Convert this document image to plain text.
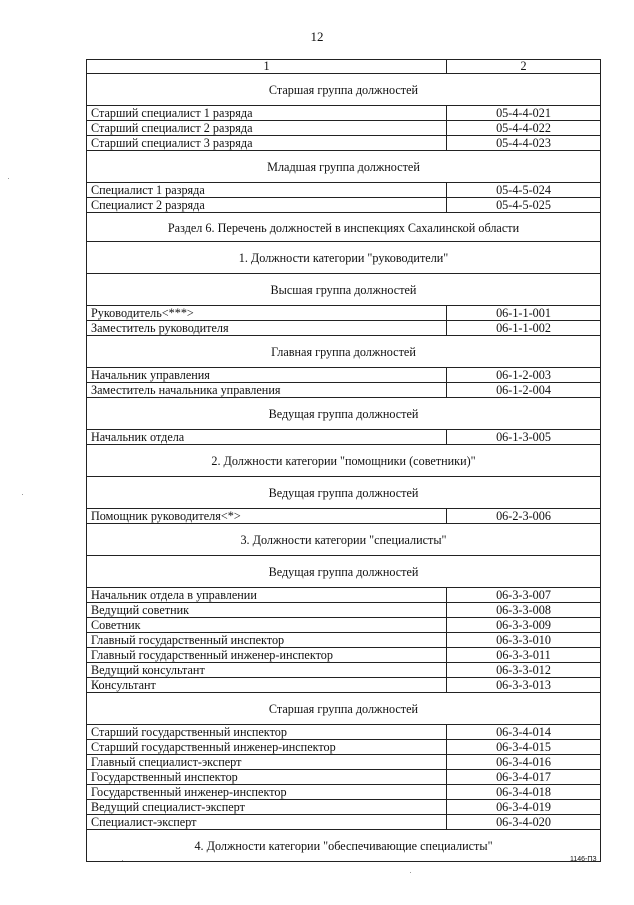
12
1	2
Старшая группа должностей	
Старший специалист 1 разряда	05-4-4-021
Старший специалист 2 разряда	05-4-4-022
Старший специалист 3 разряда	05-4-4-023
Младшая группа должностей	
Специалист 1 разряда	05-4-5-024
Специалист 2 разряда	05-4-5-025
Раздел 6. Перечень должностей в инспекциях Сахалинской области	
1. Должности категории "руководители"	
Высшая группа должностей	
Руководитель<***>	06-1-1-001
Заместитель руководителя	06-1-1-002
Главная группа должностей	
Начальник управления	06-1-2-003
Заместитель начальника управления	06-1-2-004
Ведущая группа должностей	
Начальник отдела	06-1-3-005
2. Должности категории "помощники (советники)"	
Ведущая группа должностей	
Помощник руководителя<*>	06-2-3-006
3. Должности категории "специалисты"	
Ведущая группа должностей	
Начальник отдела в управлении	06-3-3-007
Ведущий советник	06-3-3-008
Советник	06-3-3-009
Главный государственный инспектор	06-3-3-010
Главный государственный инженер-инспектор	06-3-3-011
Ведущий консультант	06-3-3-012
Консультант	06-3-3-013
Старшая группа должностей	
Старший государственный инспектор	06-3-4-014
Старший государственный инженер-инспектор	06-3-4-015
Главный специалист-эксперт	06-3-4-016
Государственный инспектор	06-3-4-017
Государственный инженер-инспектор	06-3-4-018
Ведущий специалист-эксперт	06-3-4-019
Специалист-эксперт	06-3-4-020
4. Должности категории "обеспечивающие специалисты"	
1146-ПЗ
